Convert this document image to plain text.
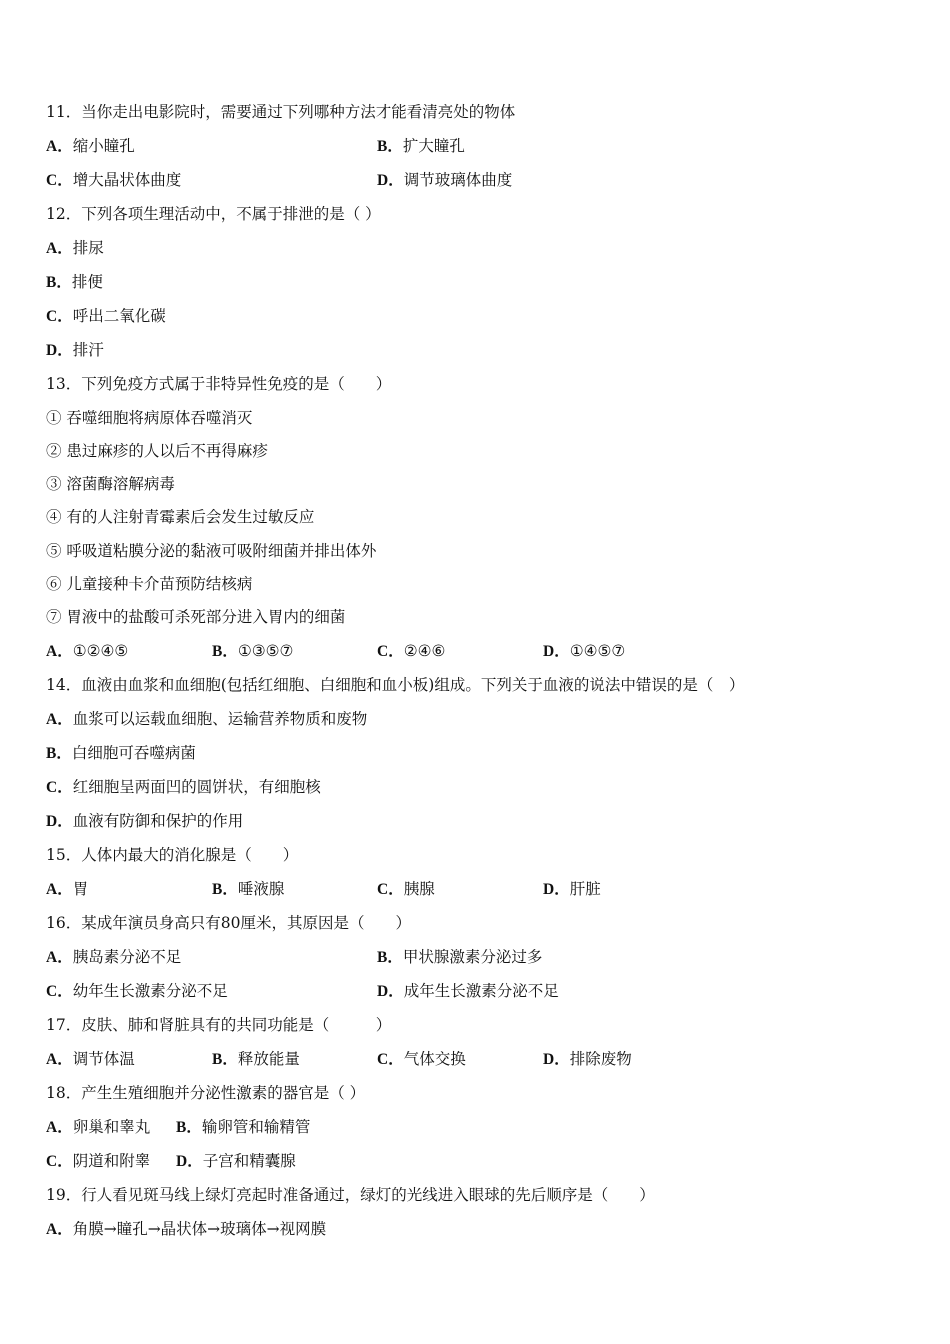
11．当你走出电影院时，需要通过下列哪种方法才能看清亮处的物体
A．缩小瞳孔	B．扩大瞳孔
C．增大晶状体曲度	D．调节玻璃体曲度
12．下列各项生理活动中，不属于排泄的是（ ）
A．排尿
B．排便
C．呼出二氧化碳
D．排汗
13．下列免疫方式属于非特异性免疫的是（　　）
① 吞噬细胞将病原体吞噬消灭
② 患过麻疹的人以后不再得麻疹
③ 溶菌酶溶解病毒
④ 有的人注射青霉素后会发生过敏反应
⑤ 呼吸道粘膜分泌的黏液可吸附细菌并排出体外
⑥ 儿童接种卡介苗预防结核病
⑦ 胃液中的盐酸可杀死部分进入胃内的细菌
A．①②④⑤	B．①③⑤⑦	C．②④⑥	D．①④⑤⑦
14．血液由血浆和血细胞(包括红细胞、白细胞和血小板)组成。下列关于血液的说法中错误的是（　）
A．血浆可以运载血细胞、运输营养物质和废物
B．白细胞可吞噬病菌
C．红细胞呈两面凹的圆饼状，有细胞核
D．血液有防御和保护的作用
15．人体内最大的消化腺是（　　）
A．胃	B．唾液腺	C．胰腺	D．肝脏
16．某成年演员身高只有80厘米，其原因是（　　）
A．胰岛素分泌不足	B．甲状腺激素分泌过多
C．幼年生长激素分泌不足	D．成年生长激素分泌不足
17．皮肤、肺和肾脏具有的共同功能是（　　　）
A．调节体温	B．释放能量	C．气体交换	D．排除废物
18．产生生殖细胞并分泌性激素的器官是（ ）
A．卵巢和睾丸 B．输卵管和输精管
C．阴道和附睾 D．子宫和精囊腺
19．行人看见斑马线上绿灯亮起时准备通过，绿灯的光线进入眼球的先后顺序是（　　）
A．角膜→瞳孔→晶状体→玻璃体→视网膜
